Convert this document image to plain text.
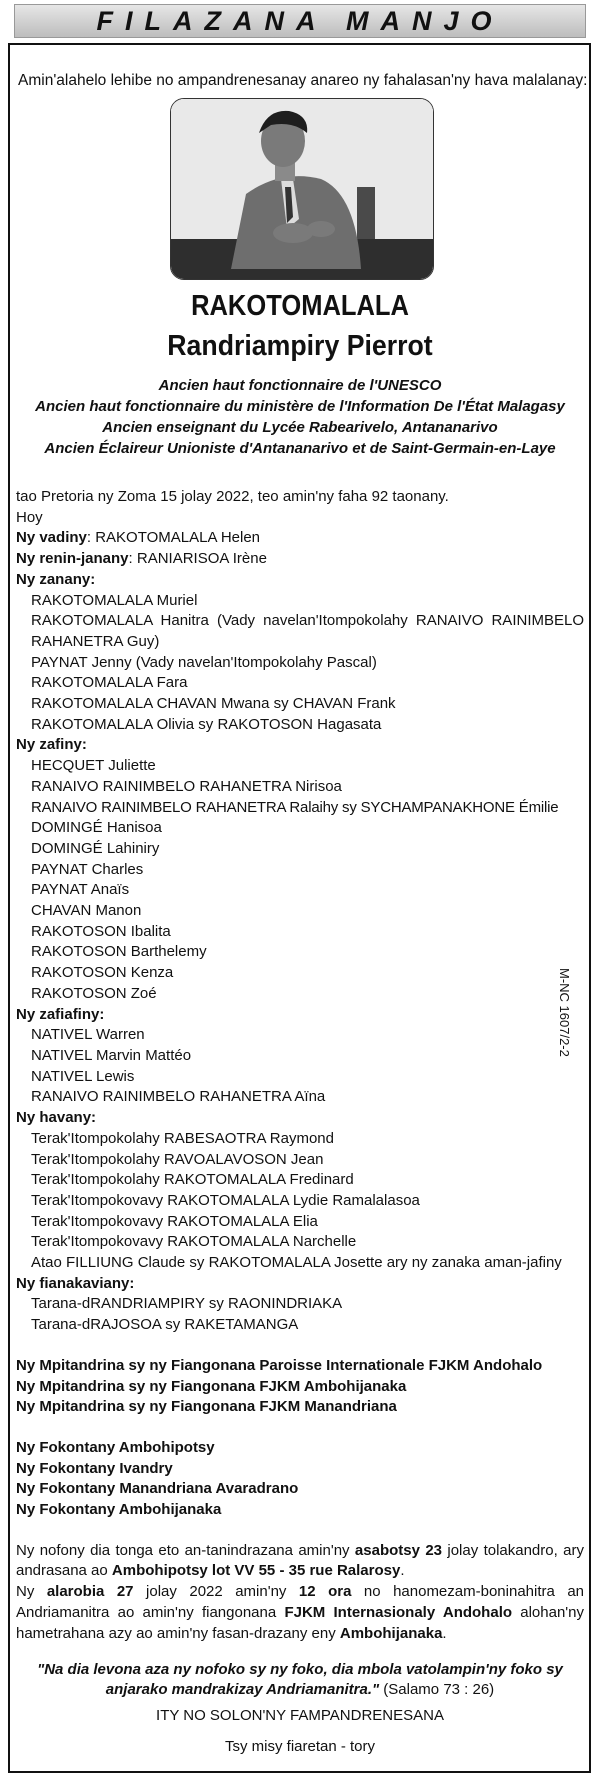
FILAZANA MANJO
Amin'alahelo lehibe no ampandrenesanay anareo ny fahalasan'ny hava malalanay:
RAKOTOMALALA
Randriampiry Pierrot
Ancien haut fonctionnaire de l'UNESCO
Ancien haut fonctionnaire du ministère de l'Information De l'État Malagasy
Ancien enseignant du Lycée Rabearivelo, Antananarivo
Ancien Éclaireur Unioniste d'Antananarivo et de Saint-Germain-en-Laye
tao Pretoria ny Zoma 15 jolay 2022, teo amin'ny faha 92 taonany.
Hoy
Ny vadiny: RAKOTOMALALA Helen
Ny renin-janany: RANIARISOA Irène
Ny zanany:
RAKOTOMALALA Muriel
RAKOTOMALALA Hanitra (Vady navelan'Itompokolahy RANAIVO RAINIMBELO RAHANETRA Guy)
PAYNAT Jenny (Vady navelan'Itompokolahy Pascal)
RAKOTOMALALA Fara
RAKOTOMALALA CHAVAN Mwana sy CHAVAN Frank
RAKOTOMALALA Olivia sy RAKOTOSON Hagasata
Ny zafiny:
HECQUET Juliette
RANAIVO RAINIMBELO RAHANETRA Nirisoa
RANAIVO RAINIMBELO RAHANETRA Ralaihy sy SYCHAMPANAKHONE Émilie
DOMINGÉ Hanisoa
DOMINGÉ Lahiniry
PAYNAT Charles
PAYNAT Anaïs
CHAVAN Manon
RAKOTOSON Ibalita
RAKOTOSON Barthelemy
RAKOTOSON Kenza
RAKOTOSON Zoé
Ny zafiafiny:
NATIVEL Warren
NATIVEL Marvin Mattéo
NATIVEL Lewis
RANAIVO RAINIMBELO RAHANETRA Aïna
Ny havany:
Terak'Itompokolahy RABESAOTRA Raymond
Terak'Itompokolahy RAVOALAVOSON Jean
Terak'Itompokolahy RAKOTOMALALA Fredinard
Terak'Itompokovavy RAKOTOMALALA Lydie Ramalalasoa
Terak'Itompokovavy RAKOTOMALALA Elia
Terak'Itompokovavy RAKOTOMALALA Narchelle
Atao FILLIUNG Claude sy RAKOTOMALALA Josette ary ny zanaka aman-jafiny
Ny fianakaviany:
Tarana-dRANDRIAMPIRY sy RAONINDRIAKA
Tarana-dRAJOSOA sy RAKETAMANGA
Ny Mpitandrina sy ny Fiangonana Paroisse Internationale FJKM Andohalo
Ny Mpitandrina sy ny Fiangonana FJKM Ambohijanaka
Ny Mpitandrina sy ny Fiangonana FJKM Manandriana
Ny Fokontany Ambohipotsy
Ny Fokontany Ivandry
Ny Fokontany Manandriana Avaradrano
Ny Fokontany Ambohijanaka
Ny nofony dia tonga eto an-tanindrazana amin'ny asabotsy 23 jolay tolakandro, ary andrasana ao Ambohipotsy lot VV 55 - 35 rue Ralarosy.
Ny alarobia 27 jolay 2022 amin'ny 12 ora no hanomezam-boninahitra an Andriamanitra ao amin'ny fiangonana FJKM Internasionaly Andohalo alohan'ny hametrahana azy ao amin'ny fasan-drazany eny Ambohijanaka.
"Na dia levona aza ny nofoko sy ny foko, dia mbola vatolampin'ny foko sy anjarako mandrakizay Andriamanitra." (Salamo 73 : 26)
ITY NO SOLON'NY FAMPANDRENESANA
Tsy misy fiaretan - tory
M-NC 1607/2-2
